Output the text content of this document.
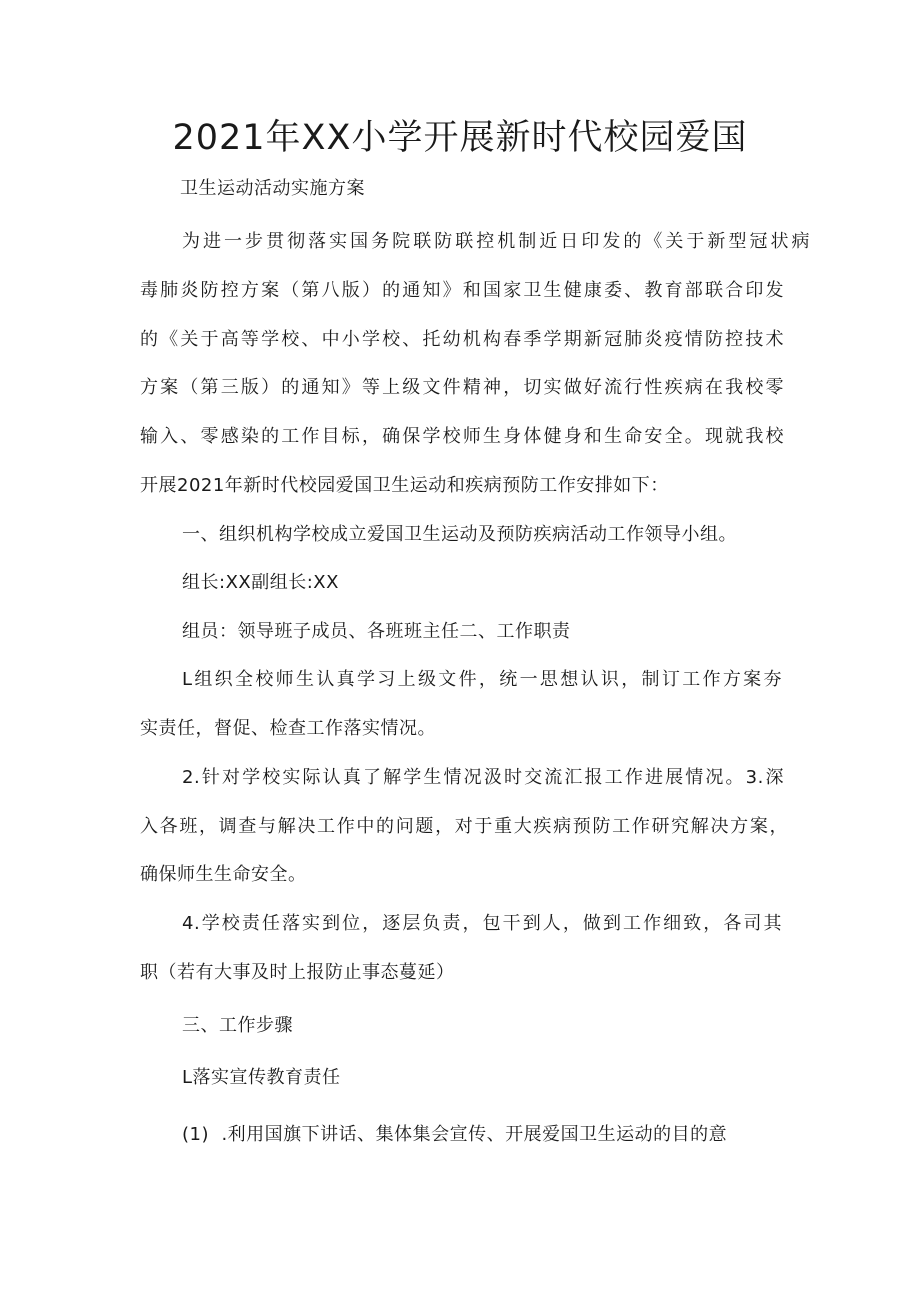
2021年XX小学开展新时代校园爱国
卫生运动活动实施方案
为进一步贯彻落实国务院联防联控机制近日印发的《关于新型冠状病
毒肺炎防控方案（第八版）的通知》和国家卫生健康委、教育部联合印发
的《关于高等学校、中小学校、托幼机构春季学期新冠肺炎疫情防控技术
方案（第三版）的通知》等上级文件精神，切实做好流行性疾病在我校零
输入、零感染的工作目标，确保学校师生身体健身和生命安全。现就我校
开展2021年新时代校园爱国卫生运动和疾病预防工作安排如下：
一、组织机构学校成立爱国卫生运动及预防疾病活动工作领导小组。
组长:XX副组长:XX
组员：领导班子成员、各班班主任二、工作职责
L组织全校师生认真学习上级文件，统一思想认识，制订工作方案夯
实责任，督促、检查工作落实情况。
2.针对学校实际认真了解学生情况汲时交流汇报工作进展情况。3.深
入各班，调查与解决工作中的问题，对于重大疾病预防工作研究解决方案，
确保师生生命安全。
4.学校责任落实到位，逐层负责，包干到人，做到工作细致，各司其
职（若有大事及时上报防止事态蔓延）
三、工作步骤
L落实宣传教育责任
(1)  .利用国旗下讲话、集体集会宣传、开展爱国卫生运动的目的意
